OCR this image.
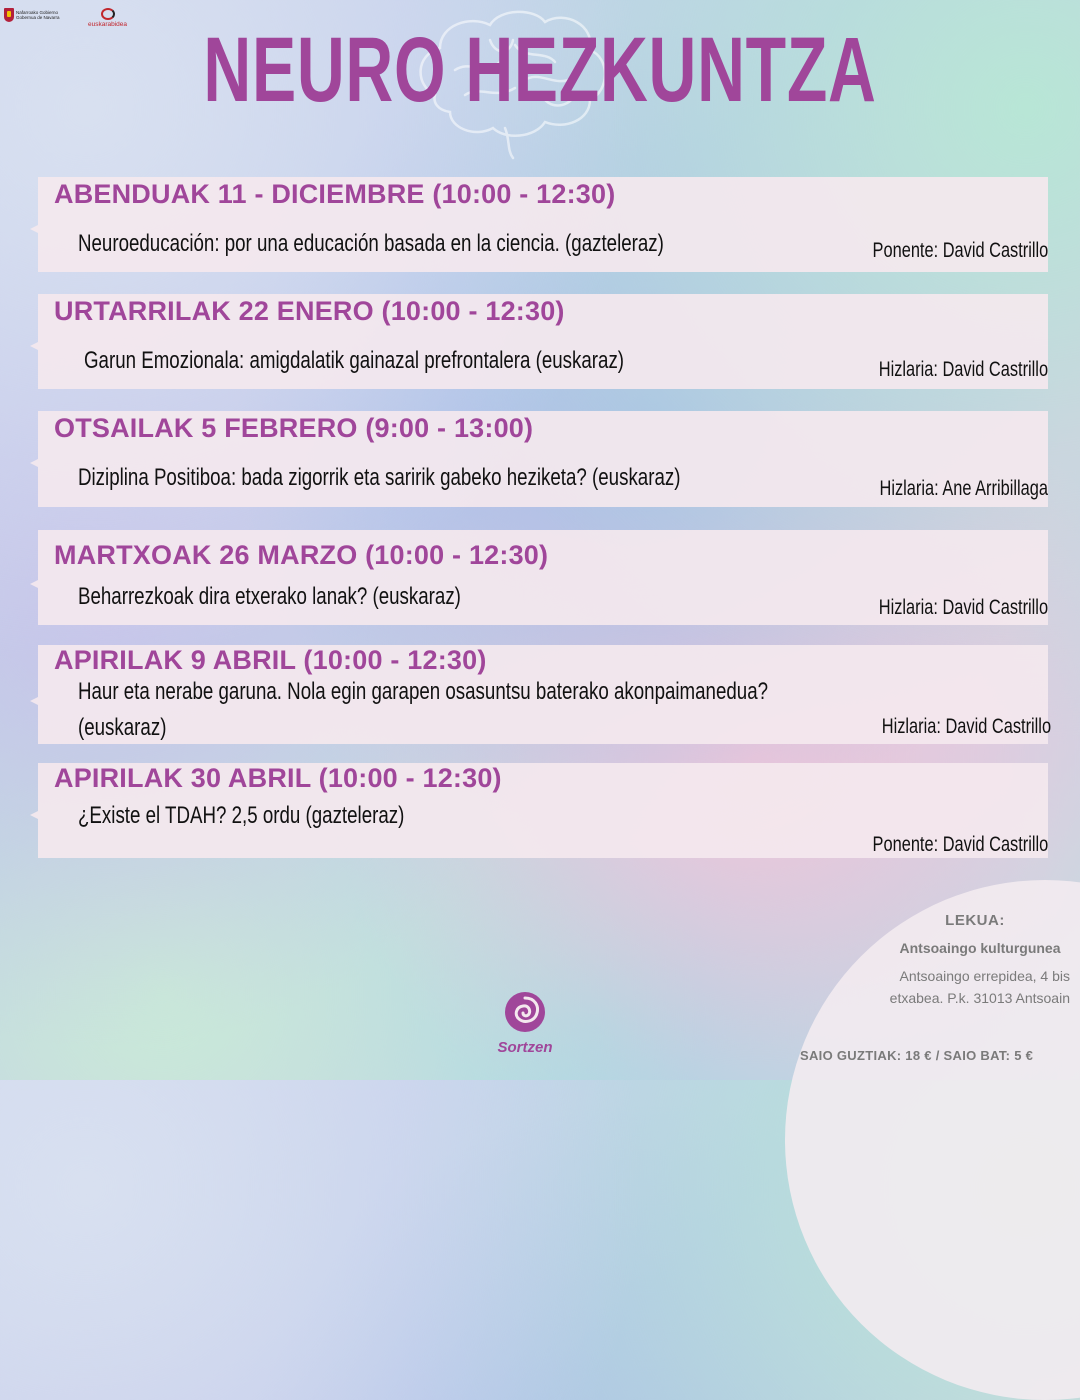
Nafarroako Gobierno Gobernua de Navarra
euskarabidea NEURO HEZKUNTZA
ABENDUAK 11 - DICIEMBRE (10:00 - 12:30)
Neuroeducación: por una educación basada en la ciencia. (gazteleraz)	Ponente: David Castrillo
URTARRILAK 22 ENERO (10:00 - 12:30)
Garun Emozionala: amigdalatik gainazal prefrontalera (euskaraz)	Hizlaria: David Castrillo
OTSAILAK 5 FEBRERO (9:00 - 13:00)
Diziplina Positiboa: bada zigorrik eta saririk gabeko heziketa? (euskaraz)	Hizlaria: Ane Arribillaga
MARTXOAK 26 MARZO (10:00 - 12:30)
Beharrezkoak dira etxerako lanak? (euskaraz)	Hizlaria: David Castrillo
APIRILAK 9 ABRIL (10:00 - 12:30)
Haur eta nerabe garuna. Nola egin garapen osasuntsu baterako akonpaimanedua?
(euskaraz)	Hizlaria: David Castrillo
APIRILAK 30 ABRIL (10:00 - 12:30)
¿Existe el TDAH? 2,5 ordu (gazteleraz)
Ponente: David Castrillo
LEKUA:
Antsoaingo kulturgunea
Antsoaingo errepidea, 4 bis
etxabea. P.k. 31013 Antsoain
SAIO GUZTIAK: 18 € / SAIO BAT: 5 €
Sortzen
